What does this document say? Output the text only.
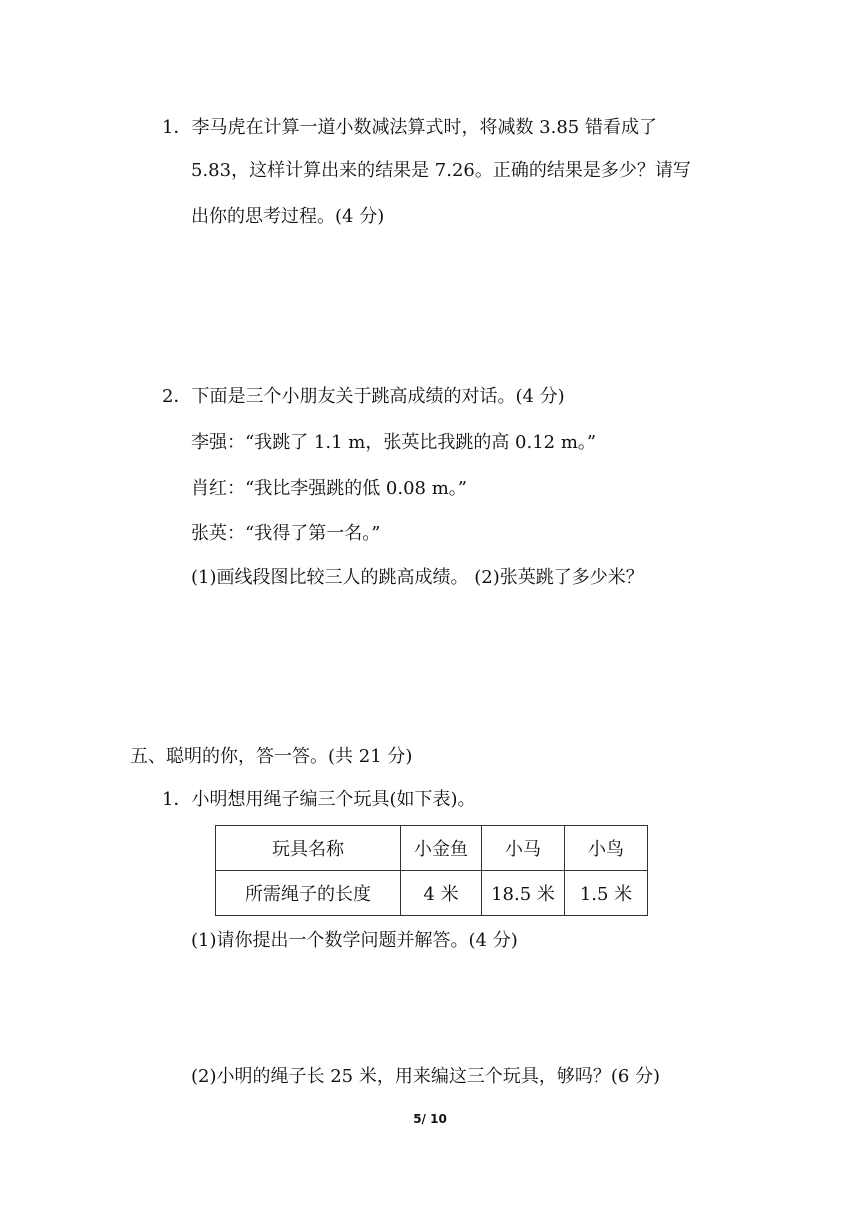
1．李马虎在计算一道小数减法算式时，将减数 3.85 错看成了
5.83，这样计算出来的结果是 7.26。正确的结果是多少？请写
出你的思考过程。(4 分)
2．下面是三个小朋友关于跳高成绩的对话。(4 分)
李强：“我跳了 1.1 m，张英比我跳的高 0.12 m。”
肖红：“我比李强跳的低 0.08 m。”
张英：“我得了第一名。”
(1)画线段图比较三人的跳高成绩。 (2)张英跳了多少米？
五、聪明的你，答一答。(共 21 分)
1．小明想用绳子编三个玩具(如下表)。
玩具名称	小金鱼	小马	小鸟
所需绳子的长度	4 米	18.5 米	1.5 米
(1)请你提出一个数学问题并解答。(4 分)
(2)小明的绳子长 25 米，用来编这三个玩具，够吗？(6 分)
5/ 10
